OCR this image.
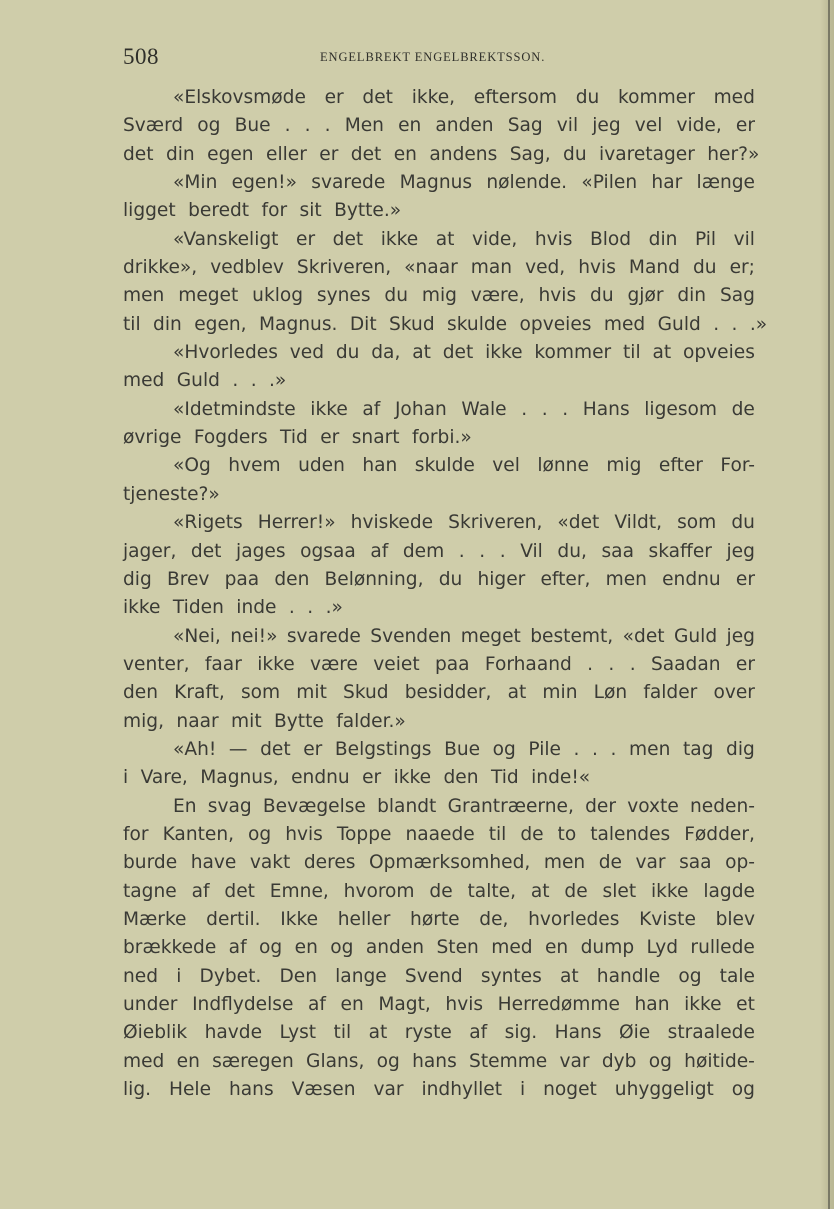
508	ENGELBREKT ENGELBREKTSSON.
«Elskovsmøde er det ikke, eftersom du kommer med
Sværd og Bue . . . Men en anden Sag vil jeg vel vide, er
det din egen eller er det en andens Sag, du ivaretager her?»
«Min egen!» svarede Magnus nølende. «Pilen har længe
ligget beredt for sit Bytte.»
«Vanskeligt er det ikke at vide, hvis Blod din Pil vil
drikke», vedblev Skriveren, «naar man ved, hvis Mand du er;
men meget uklog synes du mig være, hvis du gjør din Sag
til din egen, Magnus. Dit Skud skulde opveies med Guld . . .»
«Hvorledes ved du da, at det ikke kommer til at opveies
med Guld . . .»
«Idetmindste ikke af Johan Wale . . . Hans ligesom de
øvrige Fogders Tid er snart forbi.»
«Og hvem uden han skulde vel lønne mig efter For-
tjeneste?»
«Rigets Herrer!» hviskede Skriveren, «det Vildt, som du
jager, det jages ogsaa af dem . . . Vil du, saa skaffer jeg
dig Brev paa den Belønning, du higer efter, men endnu er
ikke Tiden inde . . .»
«Nei, nei!» svarede Svenden meget bestemt, «det Guld jeg
venter, faar ikke være veiet paa Forhaand . . . Saadan er
den Kraft, som mit Skud besidder, at min Løn falder over
mig, naar mit Bytte falder.»
«Ah! — det er Belgstings Bue og Pile . . . men tag dig
i Vare, Magnus, endnu er ikke den Tid inde!«
En svag Bevægelse blandt Grantræerne, der voxte neden-
for Kanten, og hvis Toppe naaede til de to talendes Fødder,
burde have vakt deres Opmærksomhed, men de var saa op-
tagne af det Emne, hvorom de talte, at de slet ikke lagde
Mærke dertil. Ikke heller hørte de, hvorledes Kviste blev
brækkede af og en og anden Sten med en dump Lyd rullede
ned i Dybet. Den lange Svend syntes at handle og tale
under Indflydelse af en Magt, hvis Herredømme han ikke et
Øieblik havde Lyst til at ryste af sig. Hans Øie straalede
med en særegen Glans, og hans Stemme var dyb og høitide-
lig. Hele hans Væsen var indhyllet i noget uhyggeligt og
